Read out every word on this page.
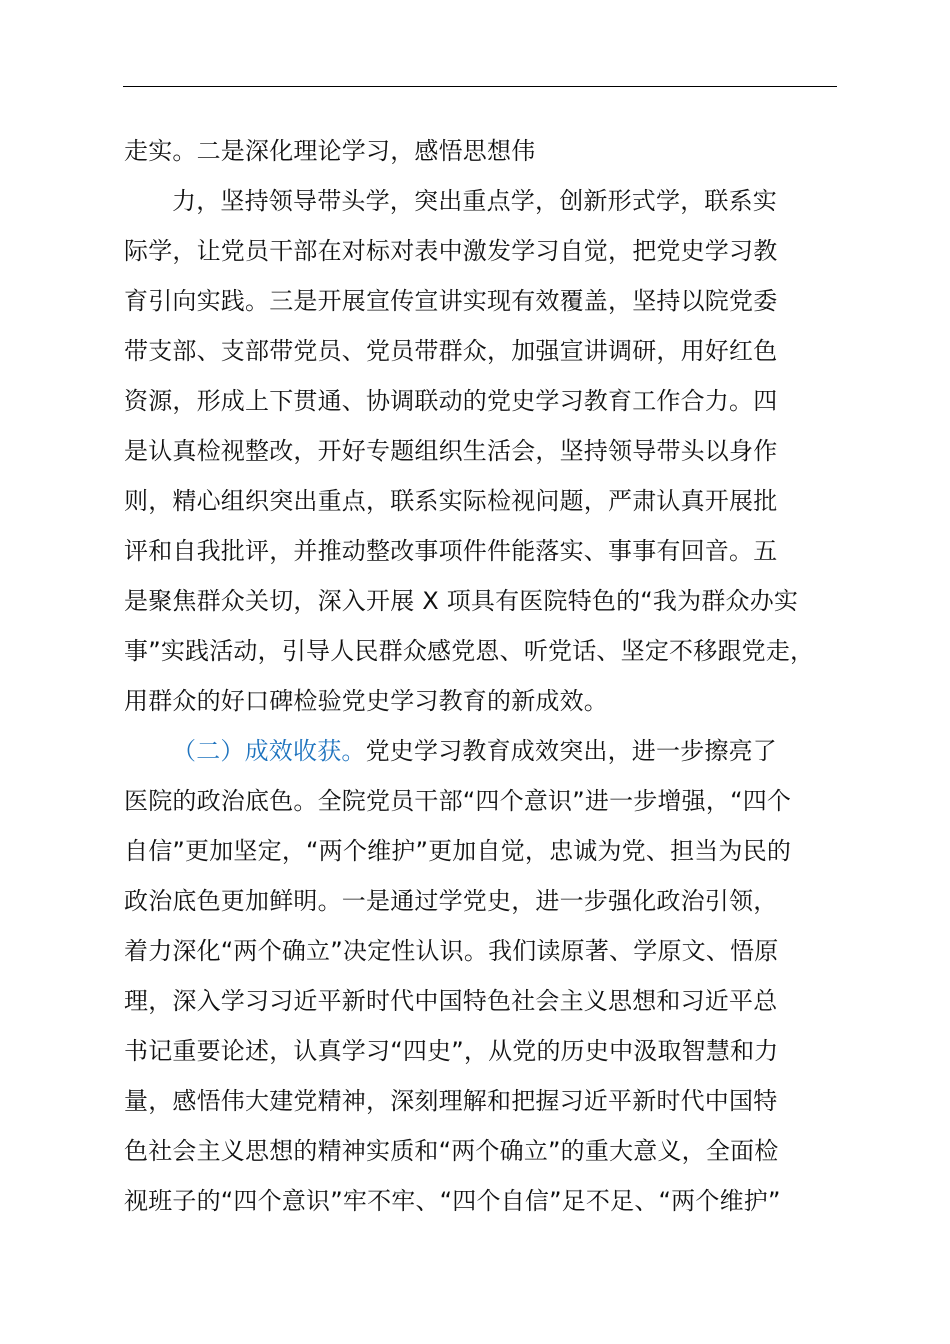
走实。二是深化理论学习，感悟思想伟
力，坚持领导带头学，突出重点学，创新形式学，联系实
际学，让党员干部在对标对表中激发学习自觉，把党史学习教
育引向实践。三是开展宣传宣讲实现有效覆盖，坚持以院党委
带支部、支部带党员、党员带群众，加强宣讲调研，用好红色
资源，形成上下贯通、协调联动的党史学习教育工作合力。四
是认真检视整改，开好专题组织生活会，坚持领导带头以身作
则，精心组织突出重点，联系实际检视问题，严肃认真开展批
评和自我批评，并推动整改事项件件能落实、事事有回音。五
是聚焦群众关切，深入开展 X 项具有医院特色的“我为群众办实
事”实践活动，引导人民群众感党恩、听党话、坚定不移跟党走，
用群众的好口碑检验党史学习教育的新成效。
（二）成效收获。党史学习教育成效突出，进一步擦亮了
医院的政治底色。全院党员干部“四个意识”进一步增强，“四个
自信”更加坚定，“两个维护”更加自觉，忠诚为党、担当为民的
政治底色更加鲜明。一是通过学党史，进一步强化政治引领，
着力深化“两个确立”决定性认识。我们读原著、学原文、悟原
理，深入学习习近平新时代中国特色社会主义思想和习近平总
书记重要论述，认真学习“四史”，从党的历史中汲取智慧和力
量，感悟伟大建党精神，深刻理解和把握习近平新时代中国特
色社会主义思想的精神实质和“两个确立”的重大意义，全面检
视班子的“四个意识”牢不牢、“四个自信”足不足、“两个维护”
